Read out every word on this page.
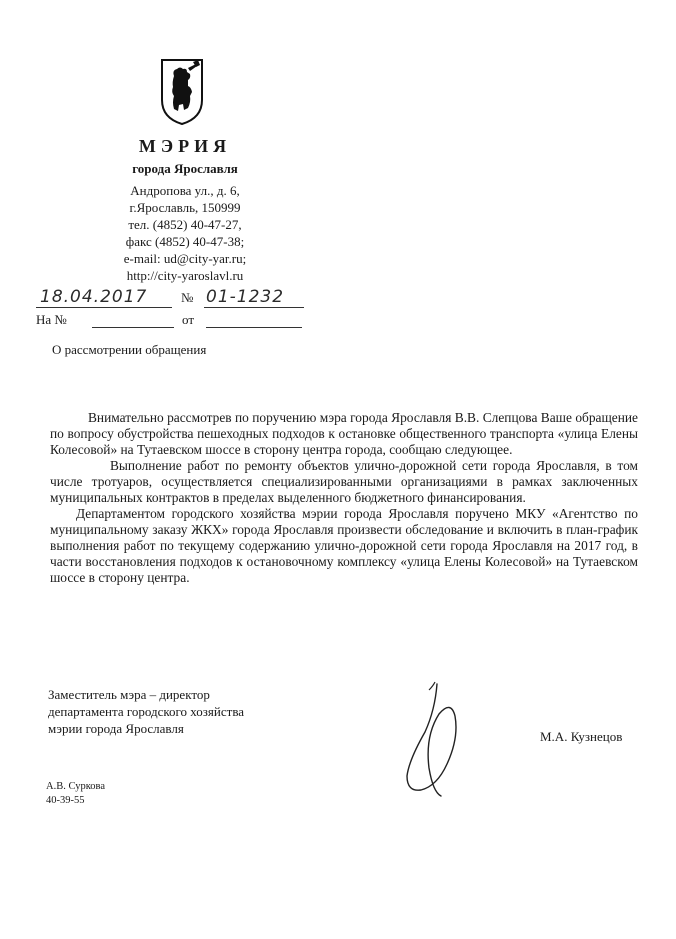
МЭРИЯ
города Ярославля
Андропова ул., д. 6,
г.Ярославль, 150999
тел. (4852) 40-47-27,
факс (4852) 40-47-38;
e-mail: ud@city-yar.ru;
http://city-yaroslavl.ru
18.04.2017	№ 01-1232
На №	от
О рассмотрении обращения

Внимательно рассмотрев по поручению мэра города Ярославля В.В. Слепцова Ваше обращение по вопросу обустройства пешеходных подходов к остановке общественного транспорта «улица Елены Колесовой» на Тутаевском шоссе в сторону центра города, сообщаю следующее.

Выполнение работ по ремонту объектов улично-дорожной сети города Ярославля, в том числе тротуаров, осуществляется специализированными организациями в рамках заключенных муниципальных контрактов в пределах выделенного бюджетного финансирования.

Департаментом городского хозяйства мэрии города Ярославля поручено МКУ «Агентство по муниципальному заказу ЖКХ» города Ярославля произвести обследование и включить в план-график выполнения работ по текущему содержанию улично-дорожной сети города Ярославля на 2017 год, в части восстановления подходов к остановочному комплексу «улица Елены Колесовой» на Тутаевском шоссе в сторону центра.

Заместитель мэра – директор
департамента городского хозяйства
мэрии города Ярославля
М.А. Кузнецов
А.В. Суркова
40-39-55
